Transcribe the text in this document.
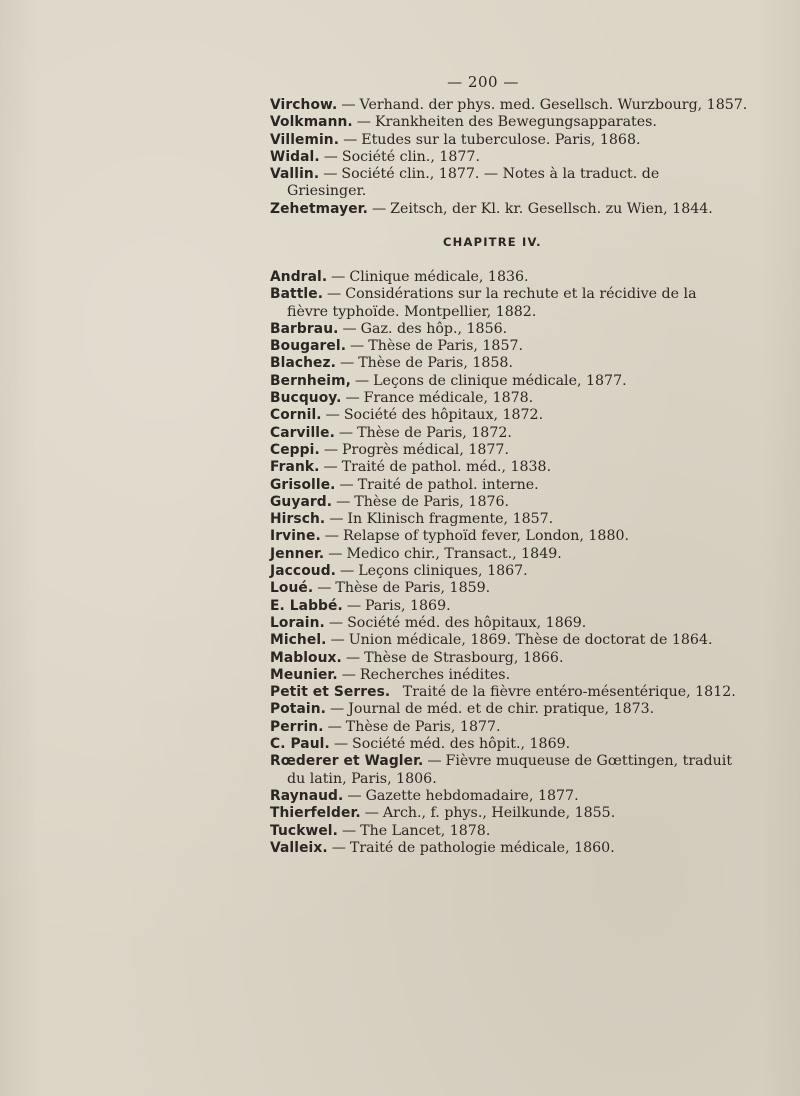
— 200 —
Virchow. — Verhand. der phys. med. Gesellsch. Wurzbourg, 1857.
Volkmann. — Krankheiten des Bewegungsapparates.
Villemin. — Etudes sur la tuberculose. Paris, 1868.
Widal. — Société clin., 1877.
Vallin. — Société clin., 1877. — Notes à la traduct. de Griesinger.
Zehetmayer. — Zeitsch, der Kl. kr. Gesellsch. zu Wien, 1844.
CHAPITRE IV.
Andral. — Clinique médicale, 1836.
Battle. — Considérations sur la rechute et la récidive de la fièvre typhoïde. Montpellier, 1882.
Barbrau. — Gaz. des hôp., 1856.
Bougarel. — Thèse de Paris, 1857.
Blachez. — Thèse de Paris, 1858.
Bernheim, — Leçons de clinique médicale, 1877.
Bucquoy. — France médicale, 1878.
Cornil. — Société des hôpitaux, 1872.
Carville. — Thèse de Paris, 1872.
Ceppi. — Progrès médical, 1877.
Frank. — Traité de pathol. méd., 1838.
Grisolle. — Traité de pathol. interne.
Guyard. — Thèse de Paris, 1876.
Hirsch. — In Klinisch fragmente, 1857.
Irvine. — Relapse of typhoïd fever, London, 1880.
Jenner. — Medico chir., Transact., 1849.
Jaccoud. — Leçons cliniques, 1867.
Loué. — Thèse de Paris, 1859.
E. Labbé. — Paris, 1869.
Lorain. — Société méd. des hôpitaux, 1869.
Michel. — Union médicale, 1869. Thèse de doctorat de 1864.
Mabloux. — Thèse de Strasbourg, 1866.
Meunier. — Recherches inédites.
Petit et Serres. Traité de la fièvre entéro-mésentérique, 1812.
Potain. — Journal de méd. et de chir. pratique, 1873.
Perrin. — Thèse de Paris, 1877.
C. Paul. — Société méd. des hôpit., 1869.
Rœderer et Wagler. — Fièvre muqueuse de Gœttingen, traduit du latin, Paris, 1806.
Raynaud. — Gazette hebdomadaire, 1877.
Thierfelder. — Arch., f. phys., Heilkunde, 1855.
Tuckwel. — The Lancet, 1878.
Valleix. — Traité de pathologie médicale, 1860.
